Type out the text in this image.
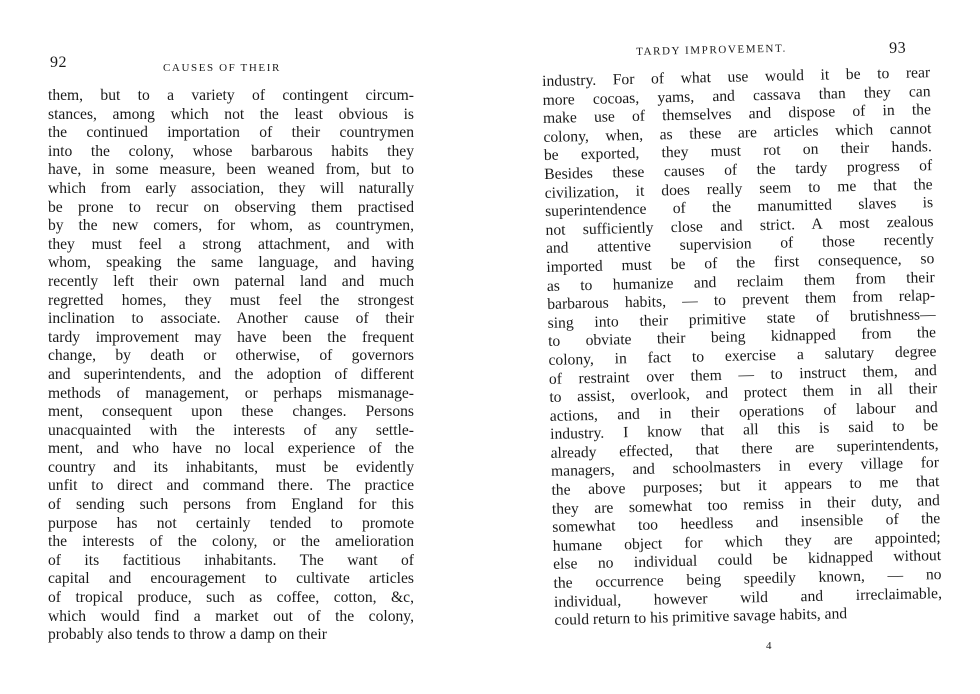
92	CAUSES OF THEIR
them, but to a variety of contingent circum-
stances, among which not the least obvious is
the continued importation of their countrymen
into the colony, whose barbarous habits they
have, in some measure, been weaned from, but to
which from early association, they will naturally
be prone to recur on observing them practised
by the new comers, for whom, as countrymen,
they must feel a strong attachment, and with
whom, speaking the same language, and having
recently left their own paternal land and much
regretted homes, they must feel the strongest
inclination to associate. Another cause of their
tardy improvement may have been the frequent
change, by death or otherwise, of governors
and superintendents, and the adoption of different
methods of management, or perhaps mismanage-
ment, consequent upon these changes. Persons
unacquainted with the interests of any settle-
ment, and who have no local experience of the
country and its inhabitants, must be evidently
unfit to direct and command there. The practice
of sending such persons from England for this
purpose has not certainly tended to promote
the interests of the colony, or the amelioration
of its factitious inhabitants. The want of
capital and encouragement to cultivate articles
of tropical produce, such as coffee, cotton, &c,
which would find a market out of the colony,
probably also tends to throw a damp on their
93
TARDY IMPROVEMENT.
industry. For of what use would it be to rear
more cocoas, yams, and cassava than they can
make use of themselves and dispose of in the
colony, when, as these are articles which cannot
be exported, they must rot on their hands.
Besides these causes of the tardy progress of
civilization, it does really seem to me that the
superintendence of the manumitted slaves is
not sufficiently close and strict. A most zealous
and attentive supervision of those recently
imported must be of the first consequence, so
as to humanize and reclaim them from their
barbarous habits, — to prevent them from relap-
sing into their primitive state of brutishness—
to obviate their being kidnapped from the
colony, in fact to exercise a salutary degree
of restraint over them — to instruct them, and
to assist, overlook, and protect them in all their
actions, and in their operations of labour and
industry. I know that all this is said to be
already effected, that there are superintendents,
managers, and schoolmasters in every village for
the above purposes; but it appears to me that
they are somewhat too remiss in their duty, and
somewhat too heedless and insensible of the
humane object for which they are appointed;
else no individual could be kidnapped without
the occurrence being speedily known, — no
individual, however wild and irreclaimable,
could return to his primitive savage habits, and
4
